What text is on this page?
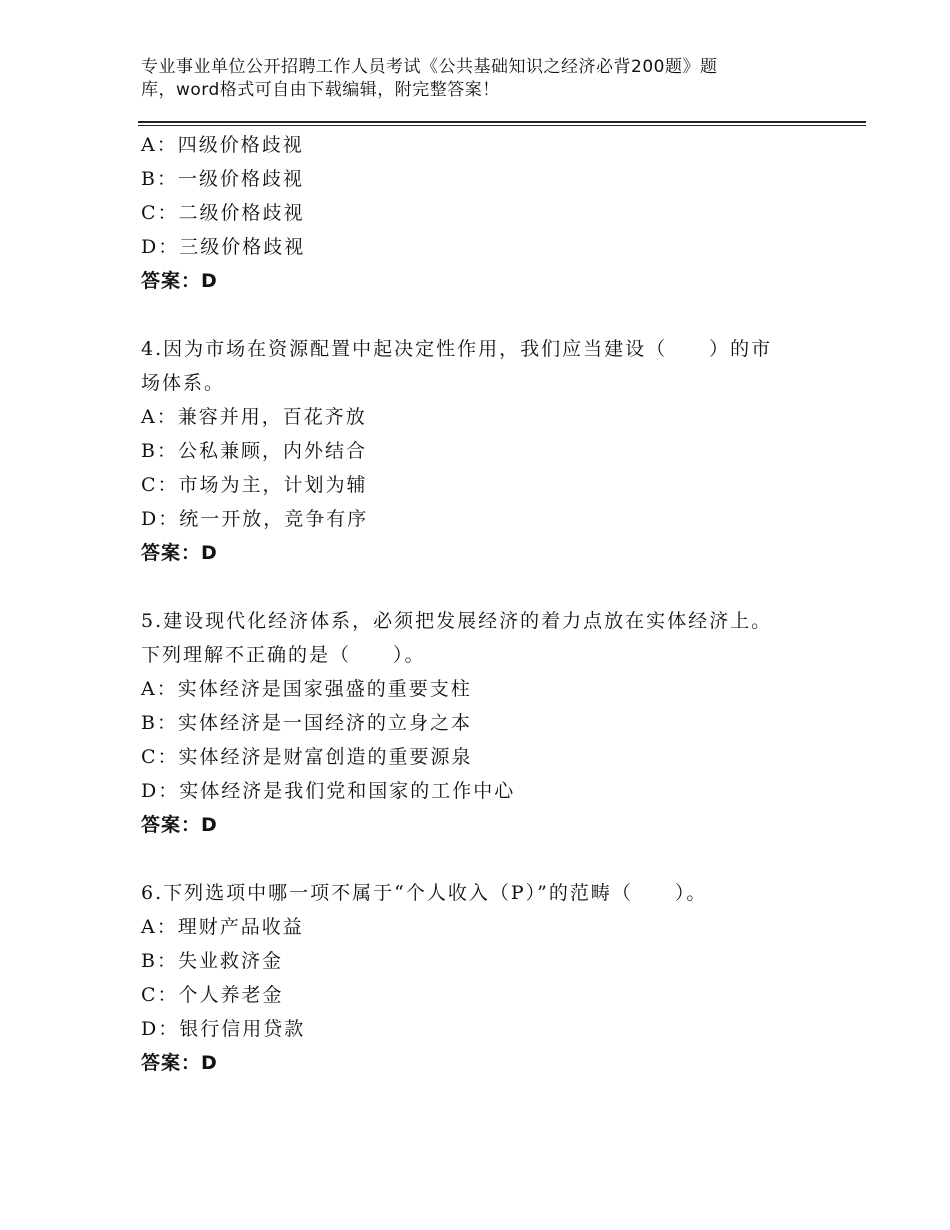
专业事业单位公开招聘工作人员考试《公共基础知识之经济必背200题》题
库，word格式可自由下载编辑，附完整答案！
A：四级价格歧视
B：一级价格歧视
C：二级价格歧视
D：三级价格歧视
答案：D
4.因为市场在资源配置中起决定性作用，我们应当建设（　　）的市
场体系。
A：兼容并用，百花齐放
B：公私兼顾，内外结合
C：市场为主，计划为辅
D：统一开放，竞争有序
答案：D
5.建设现代化经济体系，必须把发展经济的着力点放在实体经济上。
下列理解不正确的是（　　）。
A：实体经济是国家强盛的重要支柱
B：实体经济是一国经济的立身之本
C：实体经济是财富创造的重要源泉
D：实体经济是我们党和国家的工作中心
答案：D
6.下列选项中哪一项不属于“个人收入（P）”的范畴（　　）。
A：理财产品收益
B：失业救济金
C：个人养老金
D：银行信用贷款
答案：D
